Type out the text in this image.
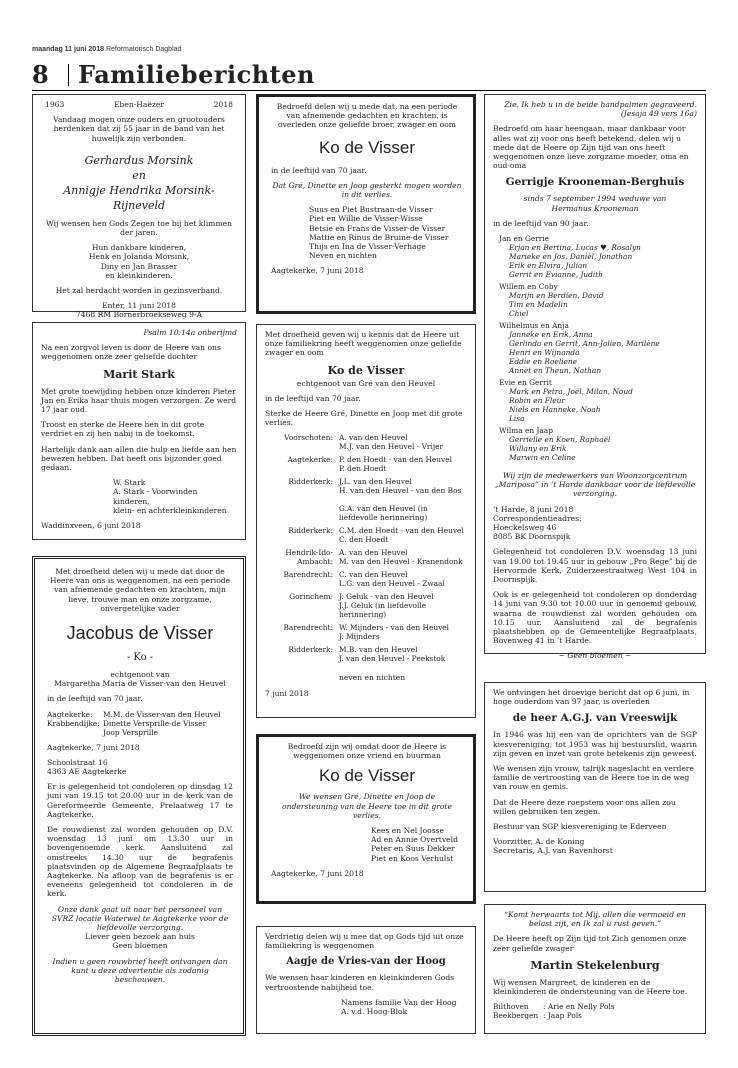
maandag 11 juni 2018 Reformatorisch Dagblad
8 Familieberichten
1963	Eben-Haëzer	2018

Vandaag mogen onze ouders en grootouders herdenken dat zij 55 jaar in de band van het huwelijk zijn verbonden.

Gerhardus Morsink
en
Annigje Hendrika Morsink-Rijneveld

Wij wensen hen Gods Zegen toe bij het klimmen der jaren.

Hun dankbare kinderen,

Henk en Jolanda Morsink,

Diny en Jan Brasser

en kleinkinderen.

Het zal herdacht worden in gezinsverband.

Enter, 11 juni 2018

7468 RM Bornerbroekseweg 9-A

Bedroefd delen wij u mede dat, na een periode van afnemende gedachten en krachten, is overleden onze geliefde broer, zwager en oom

Ko de Visser

in de leeftijd van 70 jaar.

Dat Gré, Dinette en Joop gesterkt mogen worden in dit verlies.

Suus en Piet Bustraan-de Visser

Piet en Willie de Visser-Wisse

Betsie en Frans de Visser-de Visser

Mattie en Rinus de Bruine-de Visser

Thijs en Ina de Visser-Verhage

Neven en nichten

Aagtekerke, 7 juni 2018

Zie, Ik heb u in de beide handpalmen gegraveerd.

(Jesaja 49 vers 16a)

Bedroefd om haar heengaan, maar dankbaar voor alles wat zij voor ons heeft betekend, delen wij u mede dat de Heere op Zijn tijd van ons heeft weggenomen onze lieve zorgzame moeder, oma en oud-oma

Gerrigje Krooneman-Berghuis

sinds 7 september 1994 weduwe van

Hermanus Krooneman

in de leeftijd van 90 jaar.

Jan en Gerrie
Erjan en Bertina, Lucas ♥, Rosalyn
Marieke en Jos, Daniël, Jonathan
Erik en Elvira, Julian
Gerrit en Evianne, Judith
Willem en Coby
Marijn en Berdien, David
Tim en Madelin
Chiel
Wilhelmus en Anja
Janneke en Erik, Anna
Gerlinda en Gerrit, Ann-Jolien, Marilène
Henri en Wijnanda
Eddie en Roeliene
Annet en Theun, Nathan
Evie en Gerrit
Mark en Petra, Joël, Milan, Noud
Robin en Fleur
Niels en Hanneke, Noah
Lisa
Wilma en Jaap
Gerrielle en Koen, Raphaël
Willany en Erik
Marwin en Celine

Wij zijn de medewerkers van Woonzorgcentrum „Mariposa” in ’t Harde dankbaar voor de liefdevolle verzorging.

’t Harde, 8 juni 2018

Correspondentieadres:

Hoeckelsweg 46

8085 BK Doornspijk

Gelegenheid tot condoleren D.V. woensdag 13 juni van 19.00 tot 19.45 uur in gebouw „Pro Rege” bij de Hervormde Kerk, Zuiderzeestraatweg West 104 in Doornspijk.

Ook is er gelegenheid tot condoleren op donderdag 14 juni van 9.30 tot 10.00 uur in genoemd gebouw, waarna de rouwdienst zal worden gehouden om 10.15 uur. Aansluitend zal de begrafenis plaatshebben op de Gemeentelijke Begraafplaats, Bovenweg 41 in ’t Harde.

~ Geen bloemen ~

Psalm 10:14a onberijmd

Na een zorgvol leven is door de Heere van ons weggenomen onze zeer geliefde dochter

Marit Stark

Met grote toewijding hebben onze kinderen Pieter Jan en Erika haar thuis mogen verzorgen. Ze werd 17 jaar oud.

Troost en sterke de Heere hen in dit grote verdriet en zij hen nabij in de toekomst.

Hartelijk dank aan allen die hulp en liefde aan hen bewezen hebben. Dat heeft ons bijzonder goed gedaan.

W. Stark

A. Stark - Voorwinden

kinderen,

klein- en achterkleinkinderen

Waddinxveen, 6 juni 2018

Met droefheid geven wij u kennis dat de Heere uit onze familiekring heeft weggenomen onze geliefde zwager en oom

Ko de Visser

echtgenoot van Gré van den Heuvel

in de leeftijd van 70 jaar.

Sterke de Heere Gré, Dinette en Joop met dit grote verlies.

Voorschoten: A. van den Heuvel
M.J. van den Heuvel - Vrijer
Aagtekerke: P. den Hoedt - van den Heuvel
P. den Hoedt
Ridderkerk: J.L. van den Heuvel
H. van den Heuvel - van den Bos
G.A. van den Heuvel (in liefdevolle herinnering)
Ridderkerk: C.M. den Hoedt - van den Heuvel
C. den Hoedt
Hendrik-Ido-Ambacht:
A. van den Heuvel
M. van den Heuvel - Kranendonk
Barendrecht: C. van den Heuvel
L.G. van den Heuvel - Zwaal
Gorinchem: J. Geluk - van den Heuvel
J.J. Geluk (in liefdevolle herinnering)
Barendrecht: W. Mijnders - van den Heuvel
J. Mijnders
Ridderkerk: M.B. van den Heuvel
J. van den Heuvel - Peekstok

neven en nichten

7 juni 2018

Met droefheid delen wij u mede dat door de Heere van ons is weggenomen, na een periode van afnemende gedachten en krachten, mijn lieve, trouwe man en onze zorgzame, onvergetelijke vader

Jacobus de Visser

- Ko -

echtgenoot van

Margaretha Maria de Visser-van den Heuvel

in de leeftijd van 70 jaar.

Aagtekerke:	M.M. de Visser-van den Heuvel
Krabbendijke: Dinette Versprille-de Visser
Joop Versprille

Aagtekerke, 7 juni 2018

Schoolstraat 16

4363 AE Aagtekerke

Er is gelegenheid tot condoleren op dinsdag 12 juni van 19.15 tot 20.00 uur in de kerk van de Gereformeerde Gemeente, Prelaatweg 17 te Aagtekerke.

De rouwdienst zal worden gehouden op D.V. woensdag 13 juni om 13.30 uur in bovengenoemde kerk. Aansluitend zal omstreeks 14.30 uur de begrafenis plaatsvinden op de Algemene Begraafplaats te Aagtekerke. Na afloop van de begrafenis is er eveneens gelegenheid tot condoleren in de kerk.

Onze dank gaat uit naar het personeel van SVRZ locatie Waterwel te Aagtekerke voor de liefdevolle verzorging.

Liever geen bezoek aan huis

Geen bloemen

Indien u geen rouwbrief heeft ontvangen dan kunt u deze advertentie als zodanig beschouwen.

Bedroefd zijn wij omdat door de Heere is weggenomen onze vriend en buurman

Ko de Visser

We wensen Gré, Dinette en Joop de ondersteuning van de Heere toe in dit grote verlies.

Kees en Nel Joosse

Ad en Annie Overtveld

Peter en Suus Dekker

Piet en Koos Verhulst

Aagtekerke, 7 juni 2018

We ontvingen het droevige bericht dat op 6 juni, in hoge ouderdom van 97 jaar, is overleden

de heer A.G.J. van Vreeswijk

In 1946 was hij een van de oprichters van de SGP kiesvereniging; tot 1953 was hij bestuurslid, waarin zijn geven en inzet van grote betekenis zijn geweest.

We wensen zijn vrouw, talrijk nageslacht en verdere familie de vertroosting van de Heere toe in de weg van rouw en gemis.

Dat de Heere deze roepstem voor ons allen zou willen gebruiken ten zegen.

Bestuur van SGP kiesvereniging te Ederveen

Voorzitter, A. de Koning

Secretaris, A.J. van Ravenhorst

Verdrietig delen wij u mee dat op Gods tijd uit onze familiekring is weggenomen

Aagje de Vries-van der Hoog

We wensen haar kinderen en kleinkinderen Gods vertroostende nabijheid toe.

Namens familie Van der Hoog

A. v.d. Hoog-Blok

“Komt herwaarts tot Mij, allen die vermoeid en belast zijt, en Ik zal u rust geven.”

De Heere heeft op Zijn tijd tot Zich genomen onze zeer geliefde zwager

Martin Stekelenburg

Wij wensen Margreet, de kinderen en de kleinkinderen de ondersteuning van de Heere toe.

Bilthoven	: Arie en Nelly Pols
Beekbergen : Jaap Pols
